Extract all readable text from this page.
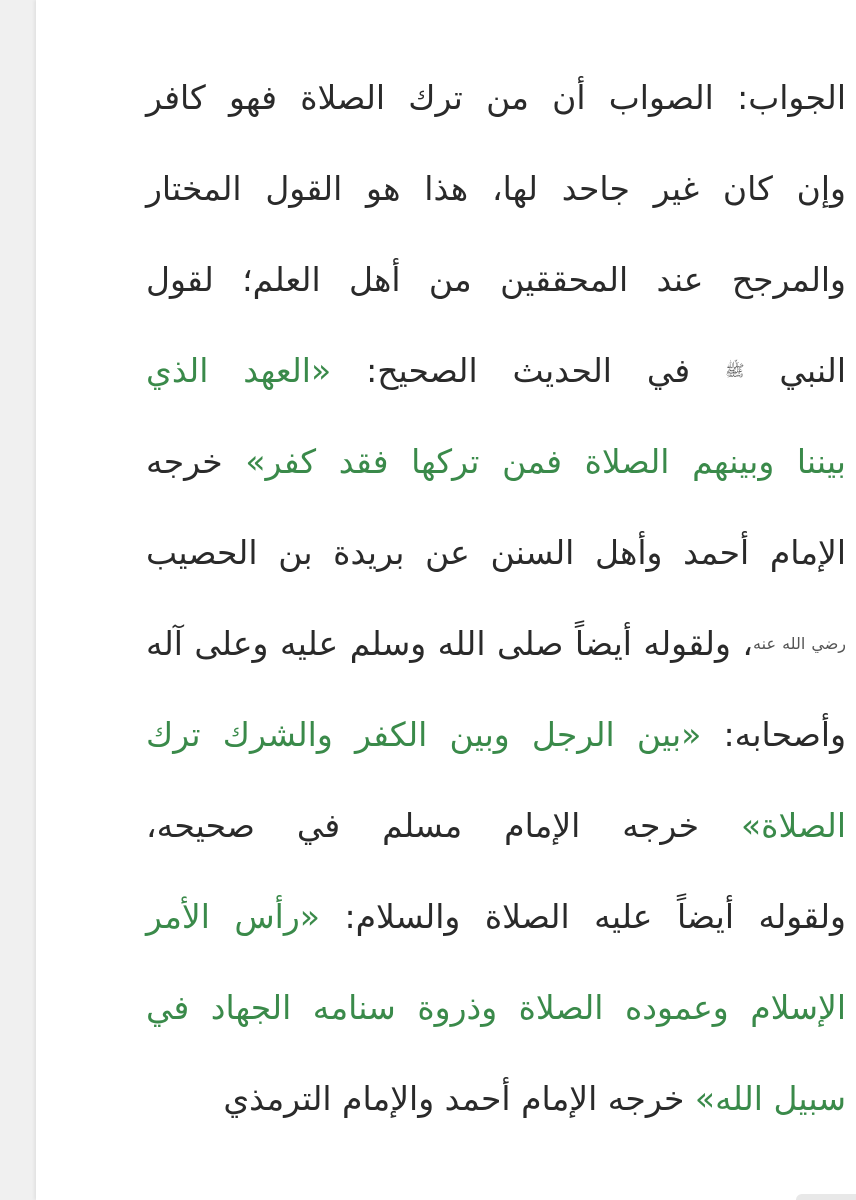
الجواب: الصواب أن من ترك الصلاة فهو كافر
وإن كان غير جاحد لها، هذا هو القول المختار
والمرجح عند المحققين من أهل العلم؛ لقول
النبي ﷺ في الحديث الصحيح: «العهد الذي
بيننا وبينهم الصلاة فمن تركها فقد كفر» خرجه
الإمام أحمد وأهل السنن عن بريدة بن الحصيب
رضي الله عنه، ولقوله أيضاً صلى الله وسلم عليه وعلى آله
وأصحابه: «بين الرجل وبين الكفر والشرك ترك
الصلاة» خرجه الإمام مسلم في صحيحه،
ولقوله أيضاً عليه الصلاة والسلام: «رأس الأمر
الإسلام وعموده الصلاة وذروة سنامه الجهاد في
سبيل الله» خرجه الإمام أحمد والإمام الترمذي
